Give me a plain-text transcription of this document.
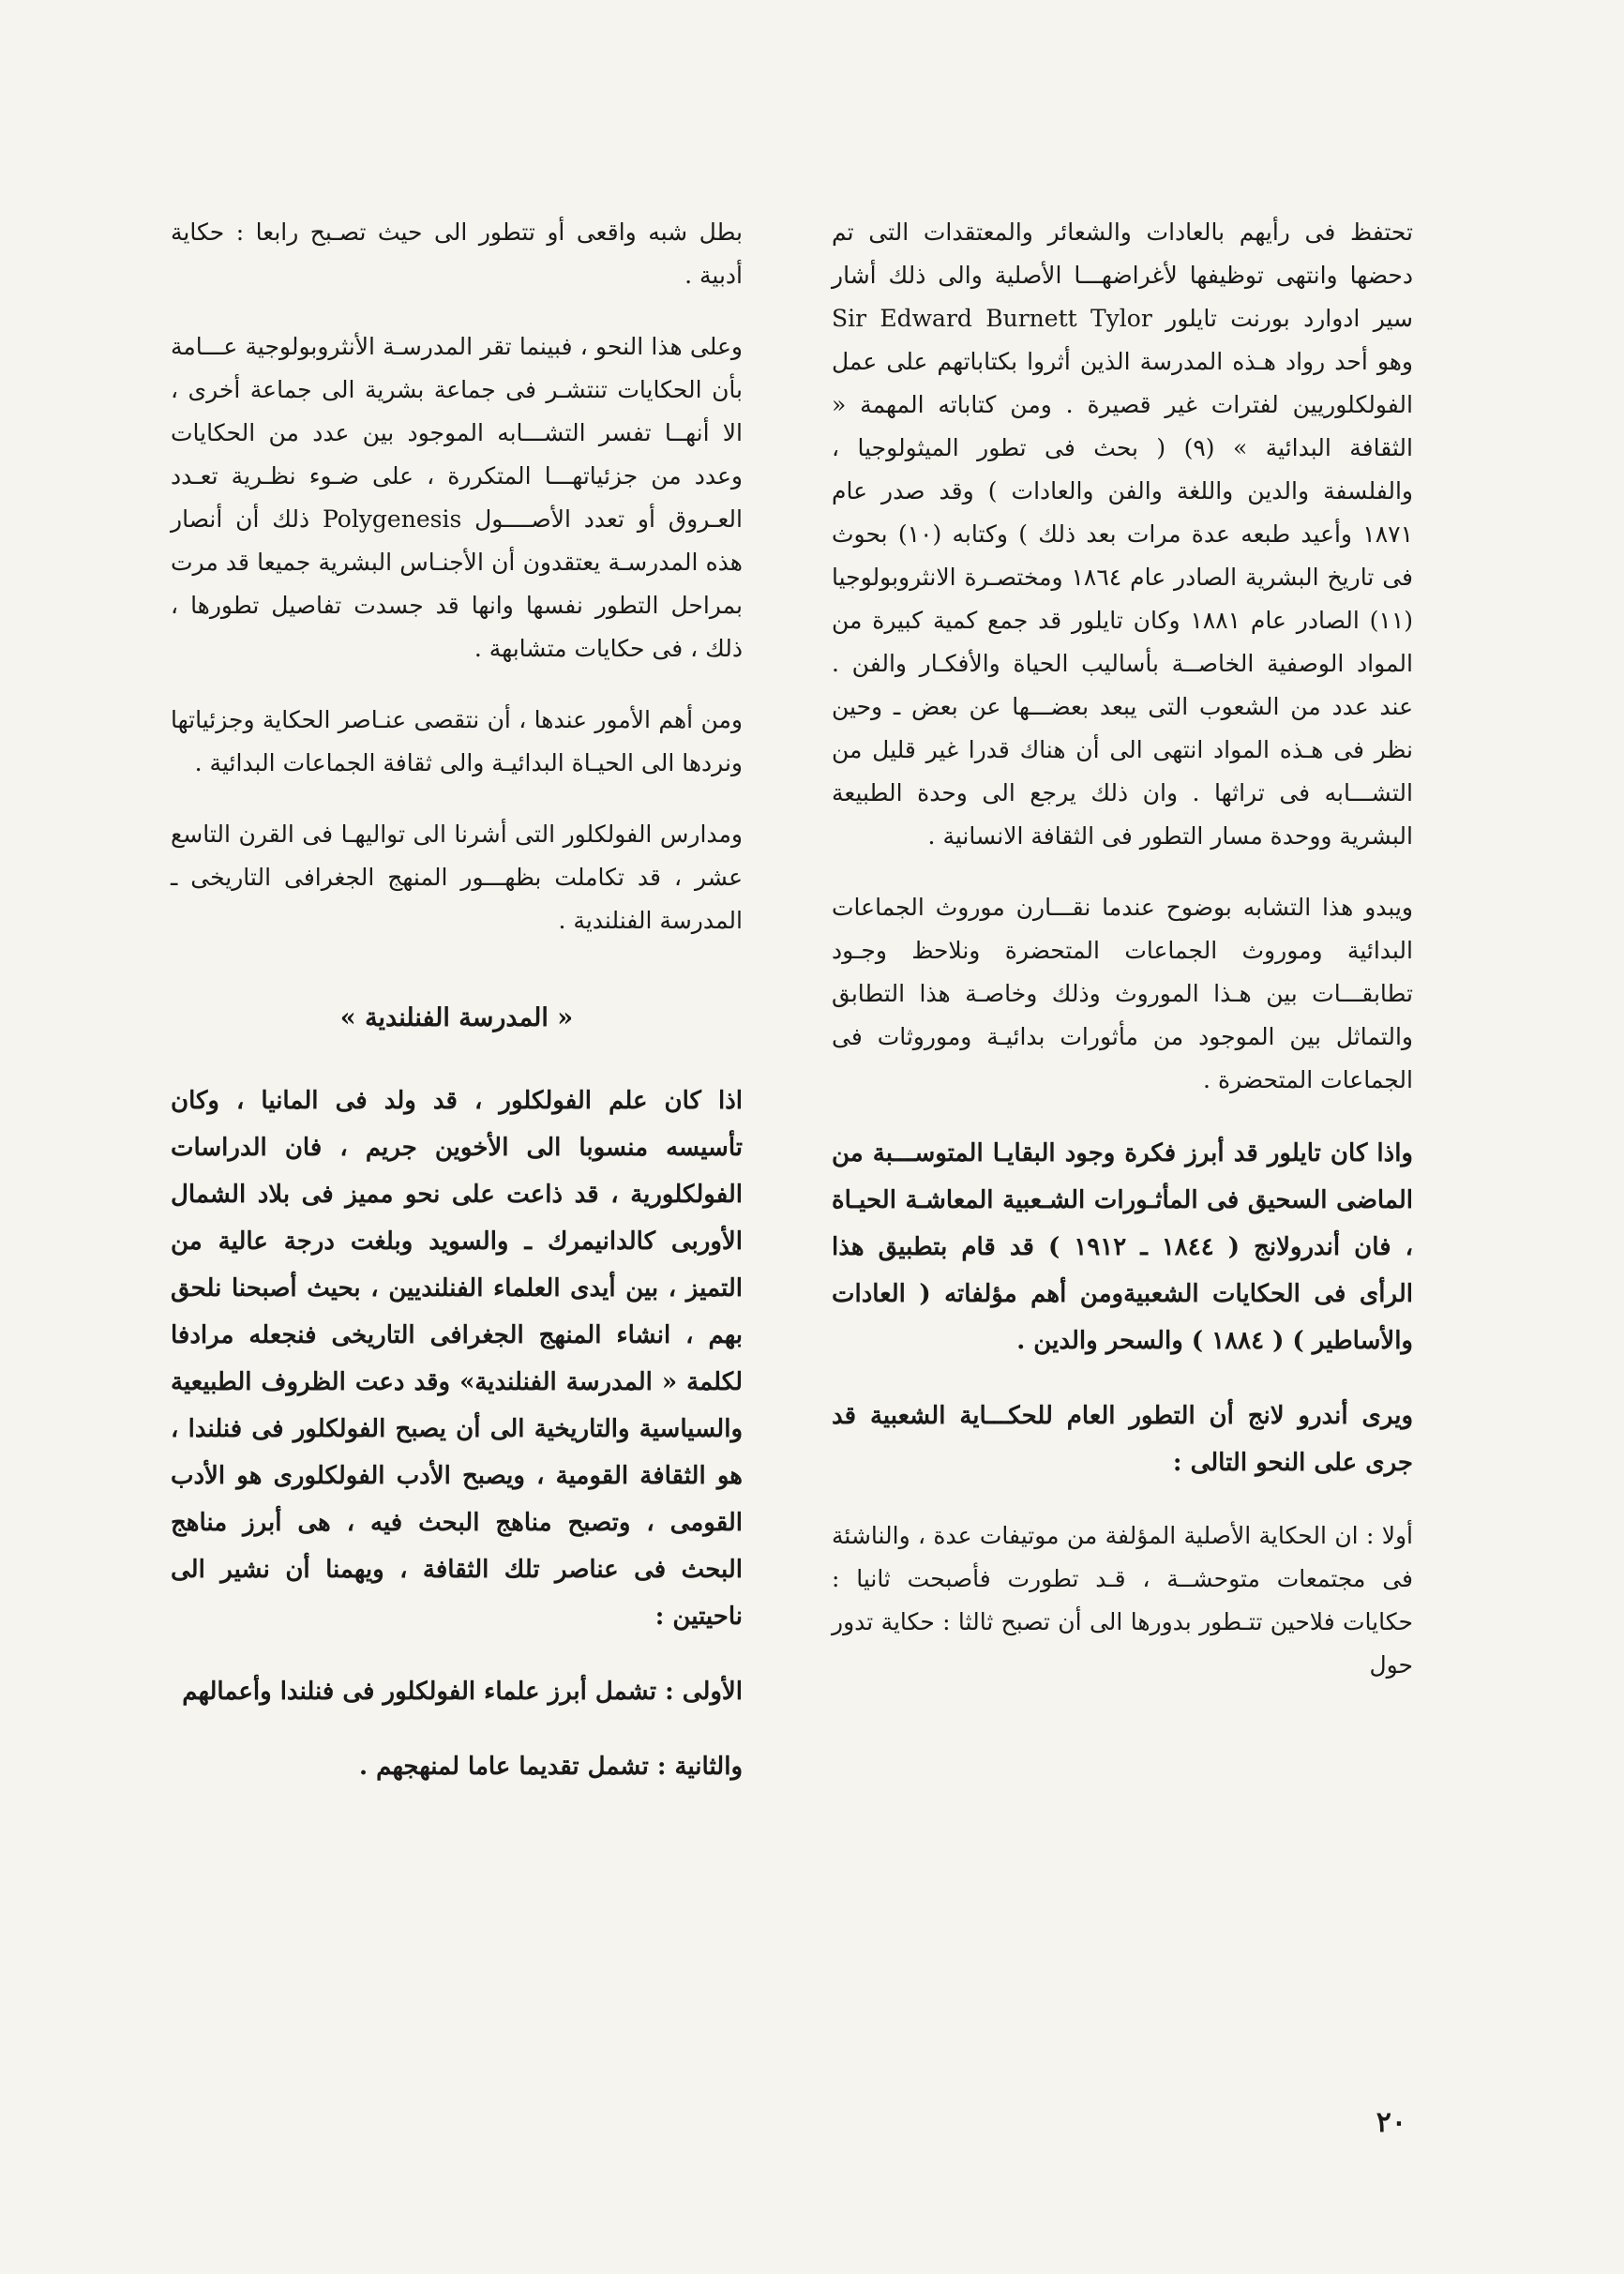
تحتفظ فى رأيهم بالعادات والشعائر والمعتقدات التى تم دحضها وانتهى توظيفها لأغراضهـــا الأصلية والى ذلك أشار سير ادوارد بورنت تايلور Sir Edward Burnett Tylor وهو أحد رواد هـذه المدرسة الذين أثروا بكتاباتهم على عمل الفولكلوريين لفترات غير قصيرة . ومن كتاباته المهمة « الثقافة البدائية » (٩) ( بحث فى تطور الميثولوجيا ، والفلسفة والدين واللغة والفن والعادات ) وقد صدر عام ١٨٧١ وأعيد طبعه عدة مرات بعد ذلك ) وكتابه (١٠) بحوث فى تاريخ البشرية الصادر عام ١٨٦٤ ومختصـرة الانثروبولوجيا (١١) الصادر عام ١٨٨١ وكان تايلور قد جمع كمية كبيرة من المواد الوصفية الخاصــة بأساليب الحياة والأفكـار والفن . عند عدد من الشعوب التى يبعد بعضـــها عن بعض ـ وحين نظر فى هـذه المواد انتهى الى أن هناك قدرا غير قليل من التشـــابه فى تراثها . وان ذلك يرجع الى وحدة الطبيعة البشرية ووحدة مسار التطور فى الثقافة الانسانية .

ويبدو هذا التشابه بوضوح عندما نقـــارن موروث الجماعات البدائية وموروث الجماعات المتحضرة ونلاحظ وجـود تطابقـــات بين هـذا الموروث وذلك وخاصـة هذا التطابق والتماثل بين الموجود من مأثورات بدائيـة وموروثات فى الجماعات المتحضرة .

واذا كان تايلور قد أبرز فكرة وجود البقايـا المتوســـبة من الماضى السحيق فى المأثـورات الشـعبية المعاشـة الحيـاة ، فان أندرولانج ( ١٨٤٤ ـ ١٩١٢ ) قد قام بتطبيق هذا الرأى فى الحكايات الشعبيةومن أهم مؤلفاته ( العادات والأساطير ) ( ١٨٨٤ ) والسحر والدين .

ويرى أندرو لانج أن التطور العام للحكـــاية الشعبية قد جرى على النحو التالى :

أولا : ان الحكاية الأصلية المؤلفة من موتيفات عدة ، والناشئة فى مجتمعات متوحشــة ، قـد تطورت فأصبحت ثانيا : حكايات فلاحين تتـطور بدورها الى أن تصبح ثالثا : حكاية تدور حول

بطل شبه واقعى أو تتطور الى حيث تصـبح رابعا : حكاية أدبية .

وعلى هذا النحو ، فبينما تقر المدرسـة الأنثروبولوجية عـــامة بأن الحكايات تنتشـر فى جماعة بشرية الى جماعة أخرى ، الا أنهــا تفسر التشـــابه الموجود بين عدد من الحكايات وعدد من جزئياتهـــا المتكررة ، على ضـوء نظـرية تعـدد العـروق أو تعدد الأصــــول Polygenesis ذلك أن أنصار هذه المدرسـة يعتقدون أن الأجنـاس البشرية جميعا قد مرت بمراحل التطور نفسها وانها قد جسدت تفاصيل تطورها ، ذلك ، فى حكايات متشابهة .

ومن أهم الأمور عندها ، أن نتقصى عنـاصر الحكاية وجزئياتها ونردها الى الحيـاة البدائيـة والى ثقافة الجماعات البدائية .

ومدارس الفولكلور التى أشرنا الى تواليهـا فى القرن التاسع عشر ، قد تكاملت بظهـــور المنهج الجغرافى التاريخى ـ المدرسة الفنلندية .

« المدرسة الفنلندية »

اذا كان علم الفولكلور ، قد ولد فى المانيا ، وكان تأسيسه منسوبا الى الأخوين جريم ، فان الدراسات الفولكلورية ، قد ذاعت على نحو مميز فى بلاد الشمال الأوربى كالدانيمرك ـ والسويد وبلغت درجة عالية من التميز ، بين أيدى العلماء الفنلنديين ، بحيث أصبحنا نلحق بهم ، انشاء المنهج الجغرافى التاريخى فنجعله مرادفا لكلمة « المدرسة الفنلندية» وقد دعت الظروف الطبيعية والسياسية والتاريخية الى أن يصبح الفولكلور فى فنلندا ، هو الثقافة القومية ، ويصبح الأدب الفولكلورى هو الأدب القومى ، وتصبح مناهج البحث فيه ، هى أبرز مناهج البحث فى عناصر تلك الثقافة ، ويهمنا أن نشير الى ناحيتين :

الأولى : تشمل أبرز علماء الفولكلور فى فنلندا وأعمالهم

والثانية : تشمل تقديما عاما لمنهجهم .

٢٠
